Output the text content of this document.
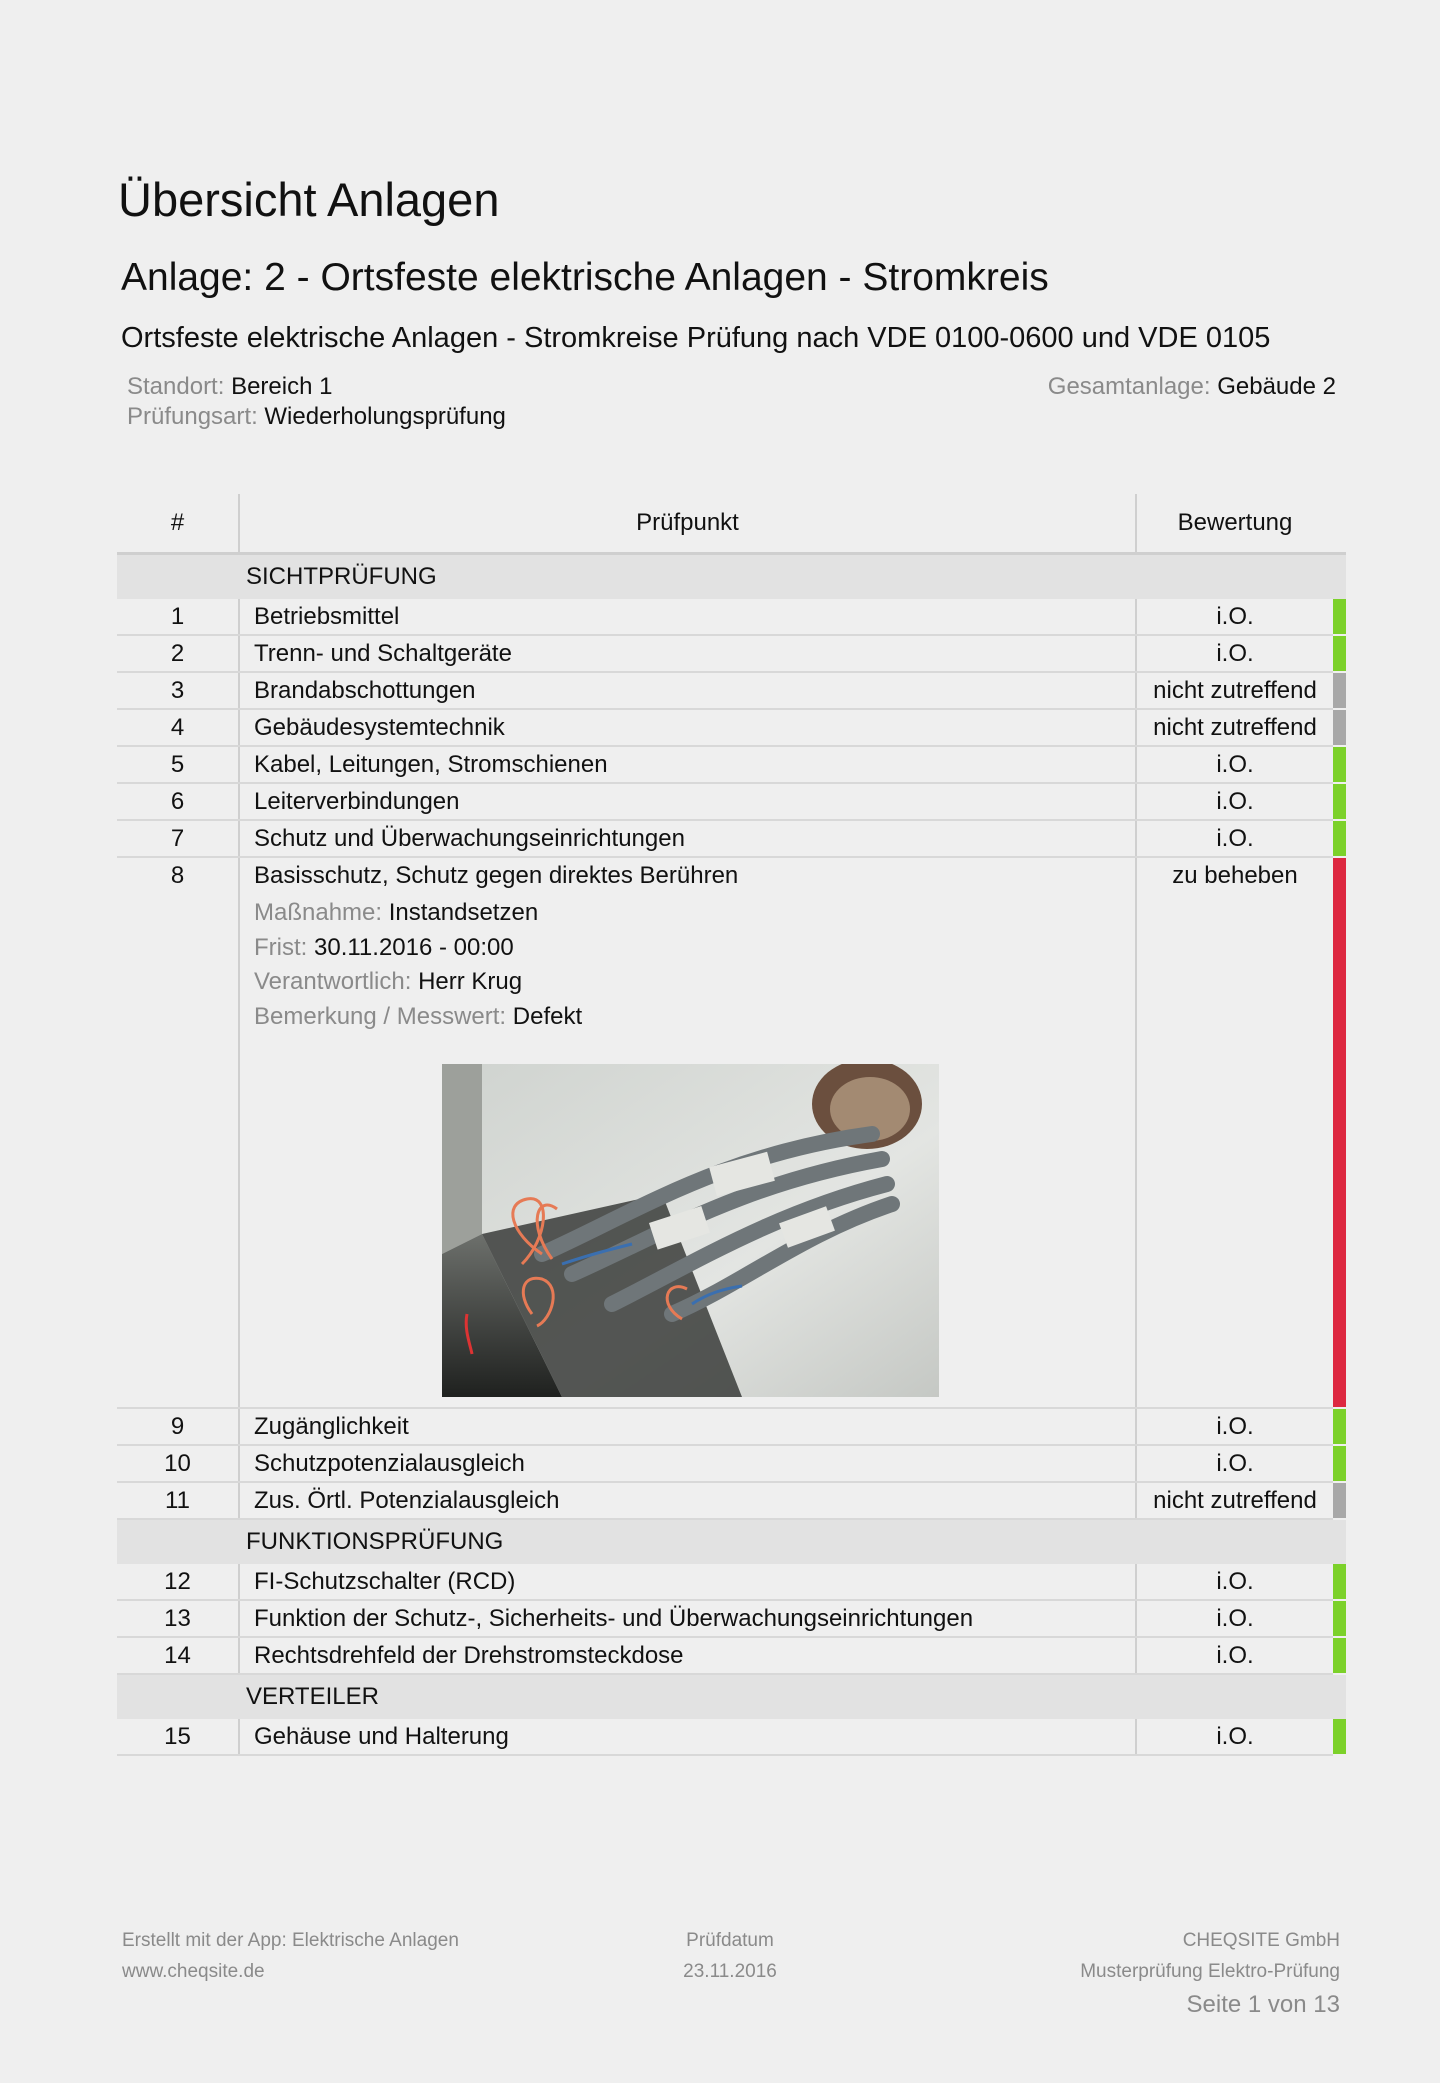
Übersicht Anlagen
Anlage: 2 - Ortsfeste elektrische Anlagen - Stromkreis
Ortsfeste elektrische Anlagen - Stromkreise Prüfung nach VDE 0100-0600 und VDE 0105
Standort: Bereich 1
Prüfungsart: Wiederholungsprüfung
Gesamtanlage: Gebäude 2
#	Prüfpunkt	Bewertung	
	SICHTPRÜFUNG		
1	Betriebsmittel	i.O.	
2	Trenn- und Schaltgeräte	i.O.	
3	Brandabschottungen	nicht zutreffend	
4	Gebäudesystemtechnik	nicht zutreffend	
5	Kabel, Leitungen, Stromschienen	i.O.	
6	Leiterverbindungen	i.O.	
7	Schutz und Überwachungseinrichtungen	i.O.	
8	Basisschutz, Schutz gegen direktes Berühren
Maßnahme: Instandsetzen
Frist: 30.11.2016 - 00:00
Verantwortlich: Herr Krug
Bemerkung / Messwert: Defekt	zu beheben	
9	Zugänglichkeit	i.O.	
10	Schutzpotenzialausgleich	i.O.	
11	Zus. Örtl. Potenzialausgleich	nicht zutreffend	
	FUNKTIONSPRÜFUNG		
12	FI-Schutzschalter (RCD)	i.O.	
13	Funktion der Schutz-, Sicherheits- und Überwachungseinrichtungen	i.O.	
14	Rechtsdrehfeld der Drehstromsteckdose	i.O.	
	VERTEILER		
15	Gehäuse und Halterung	i.O.	
Erstellt mit der App: Elektrische Anlagen
www.cheqsite.de
Prüfdatum
23.11.2016
CHEQSITE GmbH
Musterprüfung Elektro-Prüfung
Seite 1 von 13
